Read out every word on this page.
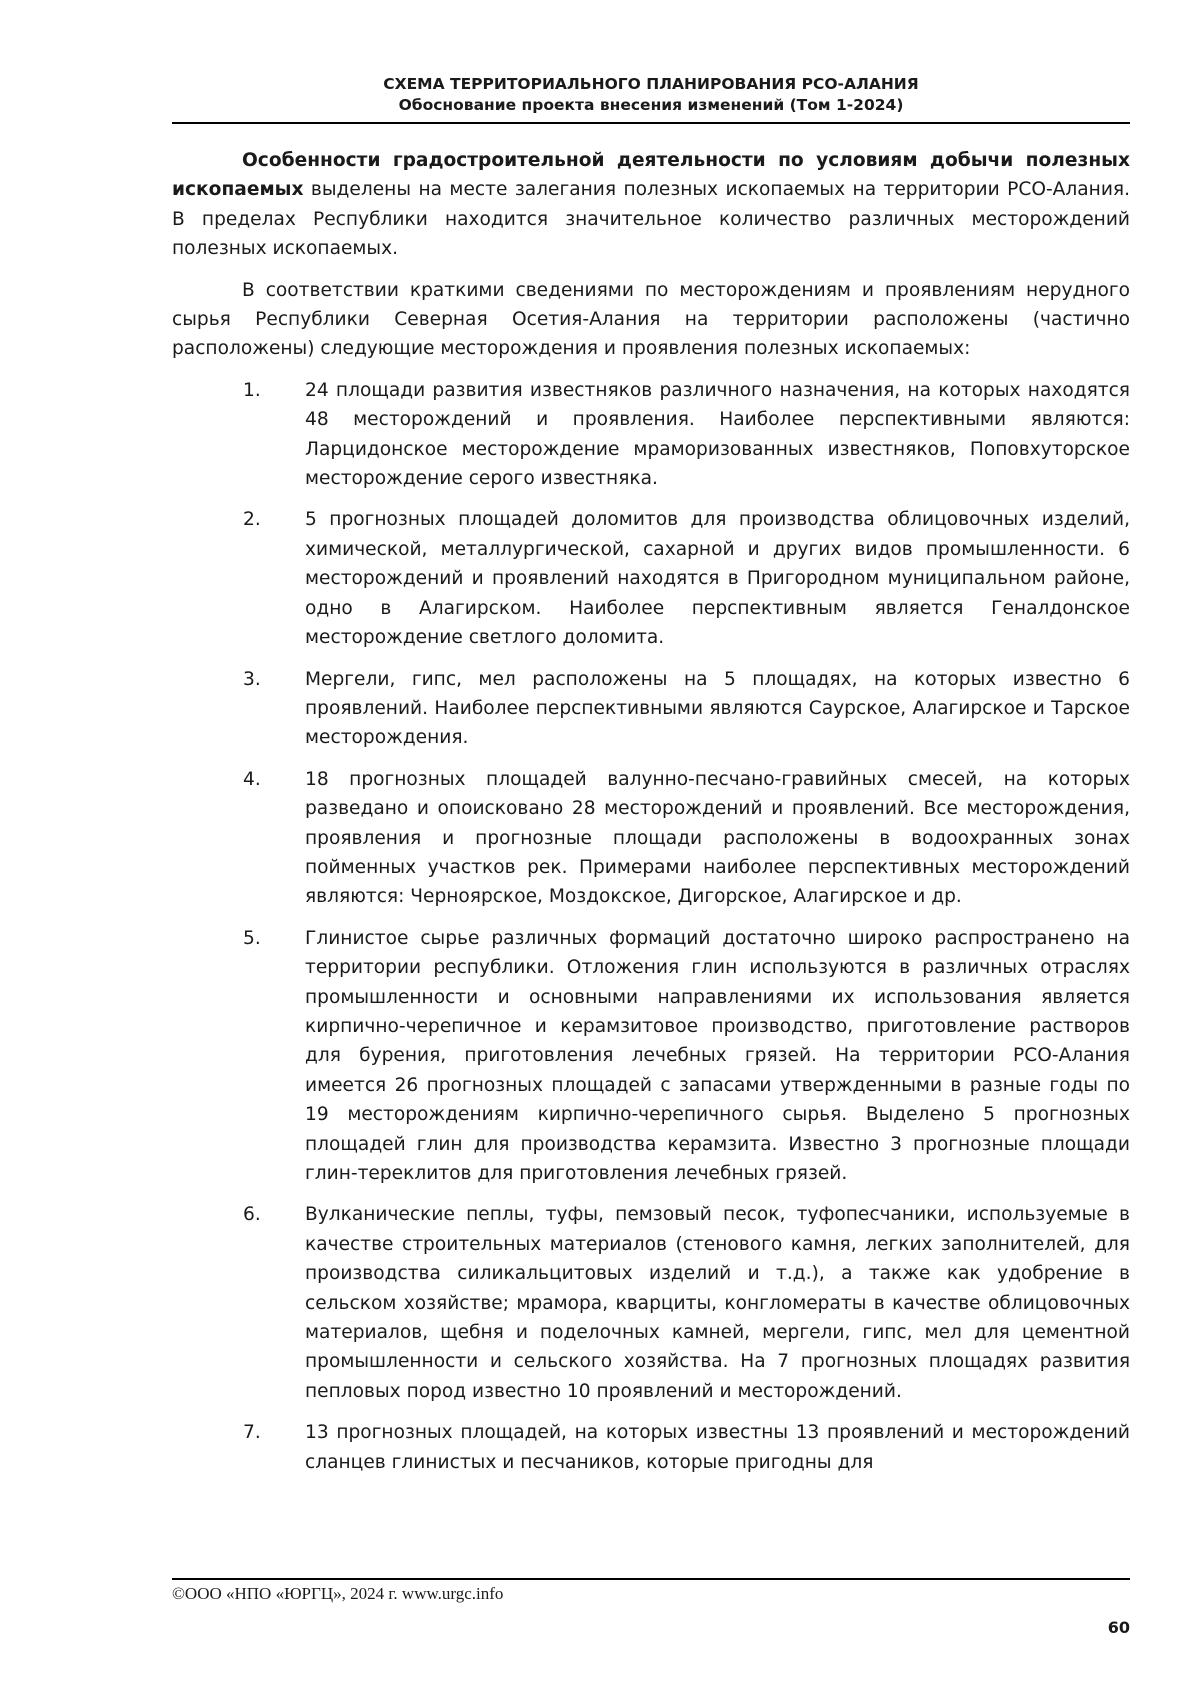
СХЕМА ТЕРРИТОРИАЛЬНОГО ПЛАНИРОВАНИЯ РСО-АЛАНИЯ
Обоснование проекта внесения изменений (Том 1-2024)

Особенности градостроительной деятельности по условиям добычи полезных ископаемых выделены на месте залегания полезных ископаемых на территории РСО-Алания. В пределах Республики находится значительное количество различных месторождений полезных ископаемых.

В соответствии краткими сведениями по месторождениям и проявлениям нерудного сырья Республики Северная Осетия-Алания на территории расположены (частично расположены) следующие месторождения и проявления полезных ископаемых:

1. 24 площади развития известняков различного назначения, на которых находятся 48 месторождений и проявления. Наиболее перспективными являются: Ларцидонское месторождение мраморизованных известняков, Поповхуторское месторождение серого известняка.
2. 5 прогнозных площадей доломитов для производства облицовочных изделий, химической, металлургической, сахарной и других видов промышленности. 6 месторождений и проявлений находятся в Пригородном муниципальном районе, одно в Алагирском. Наиболее перспективным является Геналдонское месторождение светлого доломита.
3. Мергели, гипс, мел расположены на 5 площадях, на которых известно 6 проявлений. Наиболее перспективными являются Саурское, Алагирское и Тарское месторождения.
4. 18 прогнозных площадей валунно-песчано-гравийных смесей, на которых разведано и опоисковано 28 месторождений и проявлений. Все месторождения, проявления и прогнозные площади расположены в водоохранных зонах пойменных участков рек. Примерами наиболее перспективных месторождений являются: Черноярское, Моздокское, Дигорское, Алагирское и др.
5. Глинистое сырье различных формаций достаточно широко распространено на территории республики. Отложения глин используются в различных отраслях промышленности и основными направлениями их использования является кирпично-черепичное и керамзитовое производство, приготовление растворов для бурения, приготовления лечебных грязей. На территории РСО-Алания имеется 26 прогнозных площадей с запасами утвержденными в разные годы по 19 месторождениям кирпично-черепичного сырья. Выделено 5 прогнозных площадей глин для производства керамзита. Известно 3 прогнозные площади глин-тереклитов для приготовления лечебных грязей.
6. Вулканические пеплы, туфы, пемзовый песок, туфопесчаники, используемые в качестве строительных материалов (стенового камня, легких заполнителей, для производства силикальцитовых изделий и т.д.), а также как удобрение в сельском хозяйстве; мрамора, кварциты, конгломераты в качестве облицовочных материалов, щебня и поделочных камней, мергели, гипс, мел для цементной промышленности и сельского хозяйства. На 7 прогнозных площадях развития пепловых пород известно 10 проявлений и месторождений.
7. 13 прогнозных площадей, на которых известны 13 проявлений и месторождений сланцев глинистых и песчаников, которые пригодны для
©ООО «НПО «ЮРГЦ», 2024 г. www.urgc.info
60
